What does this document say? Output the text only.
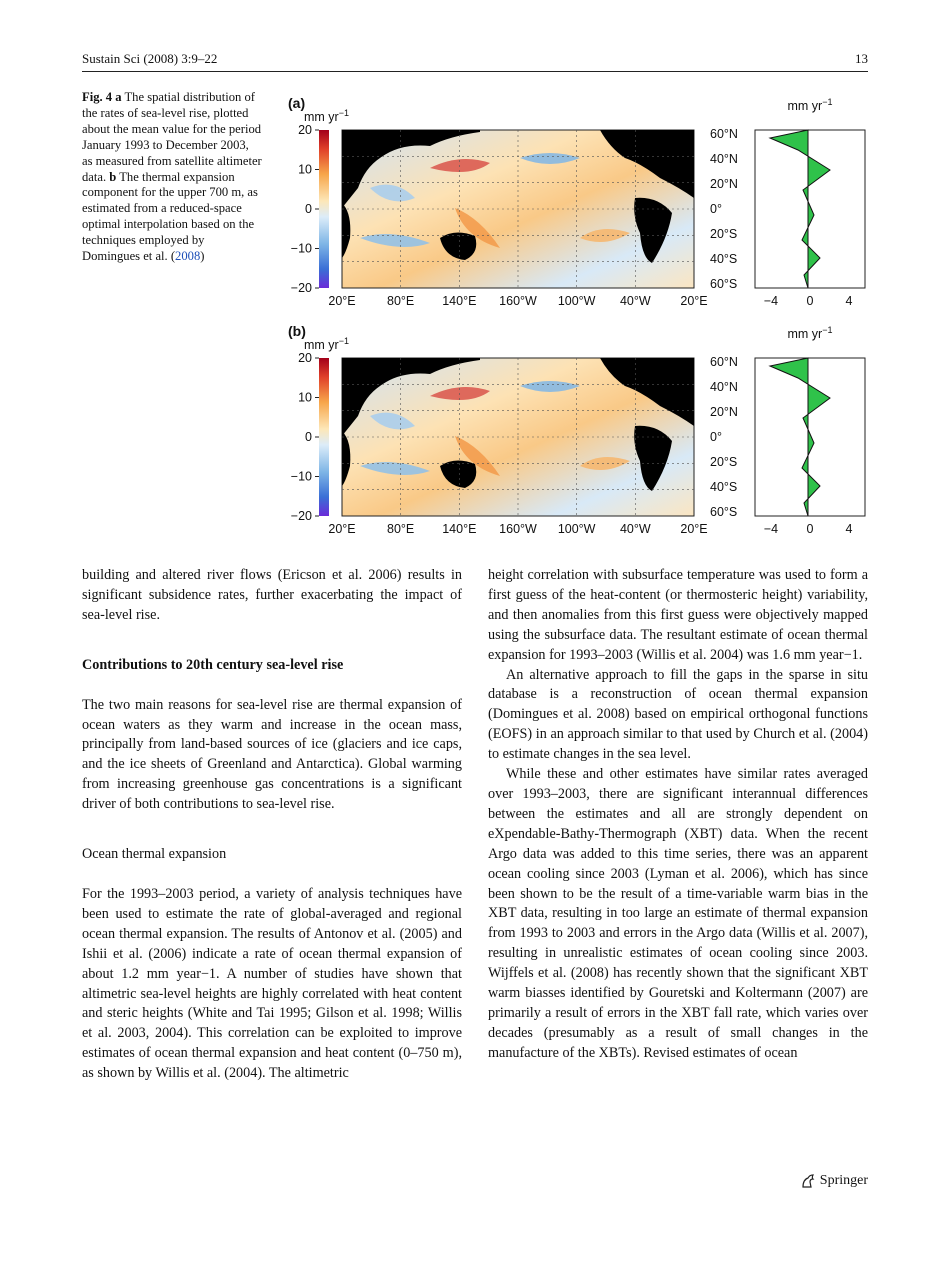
Sustain Sci (2008) 3:9–22	13
Fig. 4 a The spatial distribution of the rates of sea-level rise, plotted about the mean value for the period January 1993 to December 2003, as measured from satellite altimeter data. b The thermal expansion component for the upper 700 m, as estimated from a reduced-space optimal interpolation based on the techniques employed by Domingues et al. (2008)
(a)
mm $yr^{-1}$
20
10
0
−10
−20
20°E	80°E 140°E 160°W 100°W 40°W 20°E
60°N
40°N
20°N
0°
20°S
40°S
60°S
mm $yr^{-1}$
−4 0	4
(b)
mm $yr^{-1}$
20
10
0
−10
−20
20°E	80°E 140°E 160°W 100°W 40°W 20°E
60°N
40°N
20°N
0°
20°S
40°S
60°S
mm $yr^{-1}$
−4 0	4

building and altered river flows (Ericson et al. 2006) results in significant subsidence rates, further exacerbating the impact of sea-level rise.

Contributions to 20th century sea-level rise

The two main reasons for sea-level rise are thermal expansion of ocean waters as they warm and increase in the ocean mass, principally from land-based sources of ice (glaciers and ice caps, and the ice sheets of Greenland and Antarctica). Global warming from increasing greenhouse gas concentrations is a significant driver of both contributions to sea-level rise.

Ocean thermal expansion

For the 1993–2003 period, a variety of analysis techniques have been used to estimate the rate of global-averaged and regional ocean thermal expansion. The results of Antonov et al. (2005) and Ishii et al. (2006) indicate a rate of ocean thermal expansion of about 1.2 mm year−1. A number of studies have shown that altimetric sea-level heights are highly correlated with heat content and steric heights (White and Tai 1995; Gilson et al. 1998; Willis et al. 2003, 2004). This correlation can be exploited to improve estimates of ocean thermal expansion and heat content (0–750 m), as shown by Willis et al. (2004). The altimetric

height correlation with subsurface temperature was used to form a first guess of the heat-content (or thermosteric height) variability, and then anomalies from this first guess were objectively mapped using the subsurface data. The resultant estimate of ocean thermal expansion for 1993–2003 (Willis et al. 2004) was 1.6 mm year−1.

An alternative approach to fill the gaps in the sparse in situ database is a reconstruction of ocean thermal expansion (Domingues et al. 2008) based on empirical orthogonal functions (EOFS) in an approach similar to that used by Church et al. (2004) to estimate changes in the sea level.

While these and other estimates have similar rates averaged over 1993–2003, there are significant interannual differences between the estimates and all are strongly dependent on eXpendable-Bathy-Thermograph (XBT) data. When the recent Argo data was added to this time series, there was an apparent ocean cooling since 2003 (Lyman et al. 2006), which has since been shown to be the result of a time-variable warm bias in the XBT data, resulting in too large an estimate of thermal expansion from 1993 to 2003 and errors in the Argo data (Willis et al. 2007), resulting in unrealistic estimates of ocean cooling since 2003. Wijffels et al. (2008) has recently shown that the significant XBT warm biasses identified by Gouretski and Koltermann (2007) are primarily a result of errors in the XBT fall rate, which varies over decades (presumably as a result of small changes in the manufacture of the XBTs). Revised estimates of ocean

Springer
